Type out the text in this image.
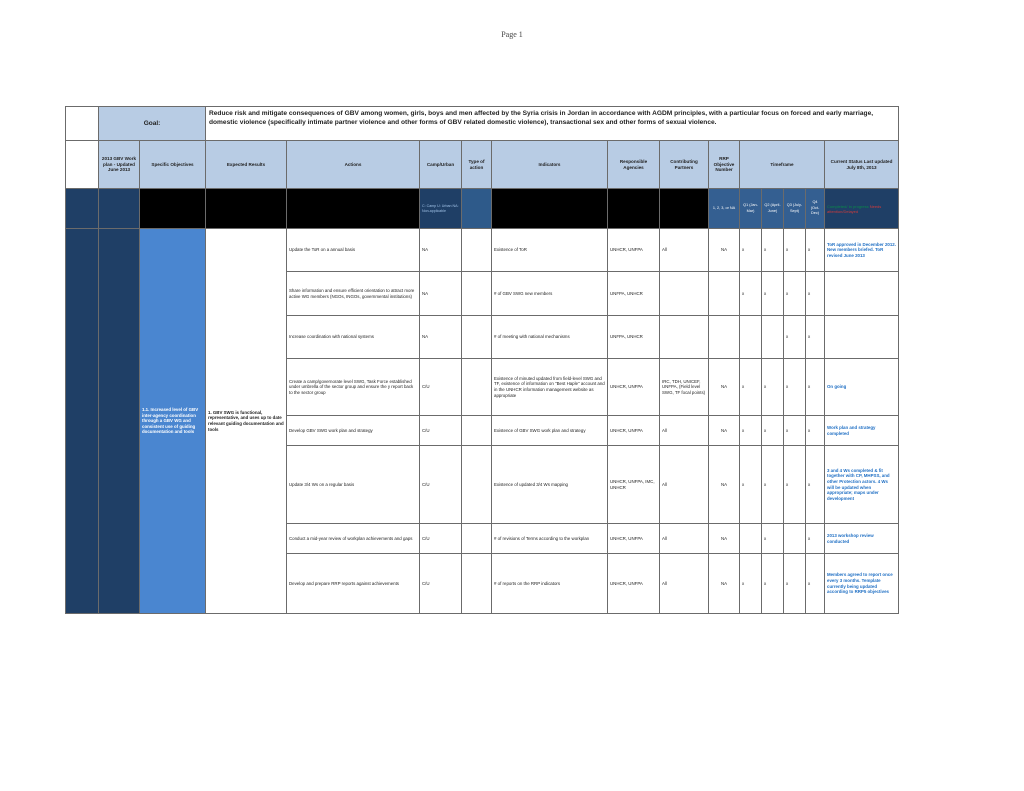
Page 1
	Goal:		Reduce risk and mitigate consequences of GBV among women, girls, boys and men affected by the Syria crisis in Jordan in accordance with AGDM principles, with a particular focus on forced and early marriage, domestic violence (specifically intimate partner violence and other forms of GBV related domestic violence), transactional sex and other forms of sexual violence.												
	2013 GBV Work plan - Updated June 2013	Specific Objectives	Expected Results	Actions	Camp/Urban	Type of action	Indicators	Responsible Agencies	Contributing Partners	RRP Objective Number	Timeframe				Current Status Last updated July 8th, 2013
					C: Camp U: Urban NA: Non-applicable					1, 2, 3, or NA	Q1 (Jan-Mar)	Q2 (April-June)	Q3 (July-Sept)	Q4 (Oct-Dec)	Completed/ In progress Needs attention/Delayed
		1.1. Increased level of GBV inter-agency coordination through a GBV WG and consistent use of guiding documentation and tools	1. GBV SWG is functional, representative, and uses up to date relevant guiding documentation and tools	Update the ToR on a annual basis	NA		Existence of ToR	UNHCR, UNFPA	All	NA	x	x	x	x	ToR approved in December 2012. New members briefed. ToR revised June 2013
				Share information and ensure efficient orientation to attract more active WG members (NGOs, INGOs, governmental institutions)	NA		# of GBV SWG new members	UNFPA, UNHCR			x	x	x	x	
				Increase coordination with national systems	NA		# of meeting with national mechanisms	UNFPA, UNHCR					x	x	
				Create a camp/governorate level SWG, Task Force established under umbrella of the sector group and ensure the y report back to the sector group	C/U		Existence of minuted updated from field-level SWG and TF, existence of information on "Best Haple" account and in the UNHCR information management website as appropriate	UNHCR, UNFPA	IRC, TDH, UNICEF, UNFPA, (Field level SWG, TF focal points)	NA	x	x	x	x	On going
				Develop GBV SWG work plan and strategy	C/U		Existence of GBV SWG work plan and strategy	UNHCR, UNFPA	All	NA	x	x	x	x	Work plan and strategy completed
				Update 3/4 Ws on a regular basis	C/U		Existence of updated 3/4 Ws mapping	UNHCR, UNFPA, IMC, UNHCR	All	NA	x	x	x	x	3 and 4 Ws completed & fit together with CP, MHPSS, and other Protection actors. 4 Ws will be updated when appropriate; maps under development
				Conduct a mid-year review of workplan achievements and gaps	C/U		# of revisions of Terms according to the workplan	UNHCR, UNFPA	All	NA		x		x	2013 workshop review conducted
				Develop and prepare RRP reports against achievements	C/U		# of reports on the RRP indicators	UNHCR, UNFPA	All	NA	x	x	x	x	Members agreed to report once every 3 months. Template currently being updated according to RRP5 objectives
